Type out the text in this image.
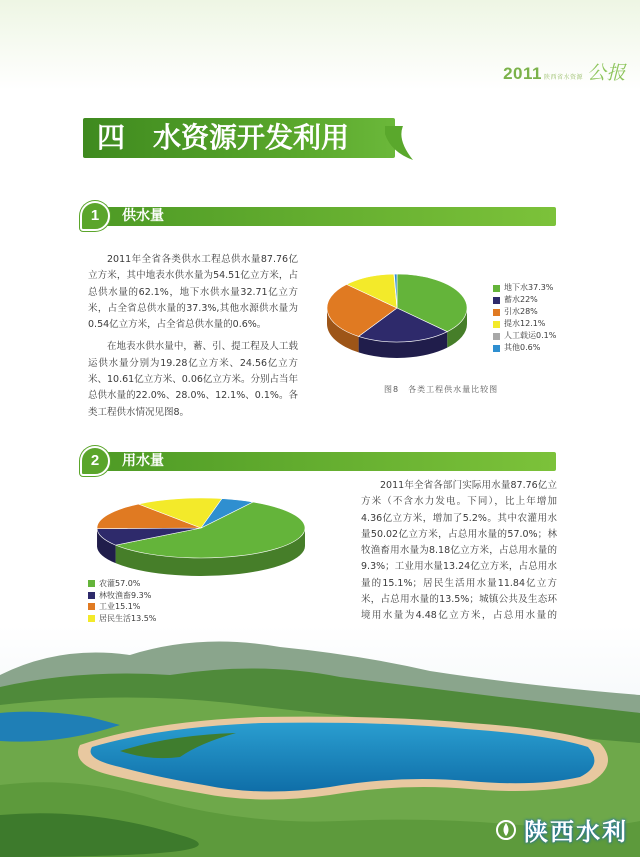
2011 陕西省水资源 公报
四　水资源开发利用
1	供水量

2011年全省各类供水工程总供水量87.76亿立方米，其中地表水供水量为54.51亿立方米，占总供水量的62.1%，地下水供水量32.71亿立方米，占全省总供水量的37.3%,其他水源供水量为0.54亿立方米，占全省总供水量的0.6%。

在地表水供水量中，蓄、引、提工程及人工载运供水量分别为19.28亿立方米、24.56亿立方米、10.61亿立方米、0.06亿立方米。分别占当年总供水量的22.0%、28.0%、12.1%、0.1%。各类工程供水情况见图8。

地下水37.3%
蓄水22%
引水28%
提水12.1%
人工载运0.1%
其他0.6%
图8　各类工程供水量比较图
2	用水量
农灌57.0%
林牧渔畜9.3%
工业15.1%
居民生活13.5%

2011年全省各部门实际用水量87.76亿立方米（不含水力发电。下同），比上年增加4.36亿立方米，增加了5.2%。其中农灌用水量50.02亿立方米，占总用水量的57.0%；林牧渔畜用水量为8.18亿立方米，占总用水量的9.3%；工业用水量13.24亿立方米，占总用水量的15.1%；居民生活用水量11.84亿立方米，占总用水量的13.5%；城镇公共及生态环境用水量为4.48亿立方米，占总用水量的

陕西水利
